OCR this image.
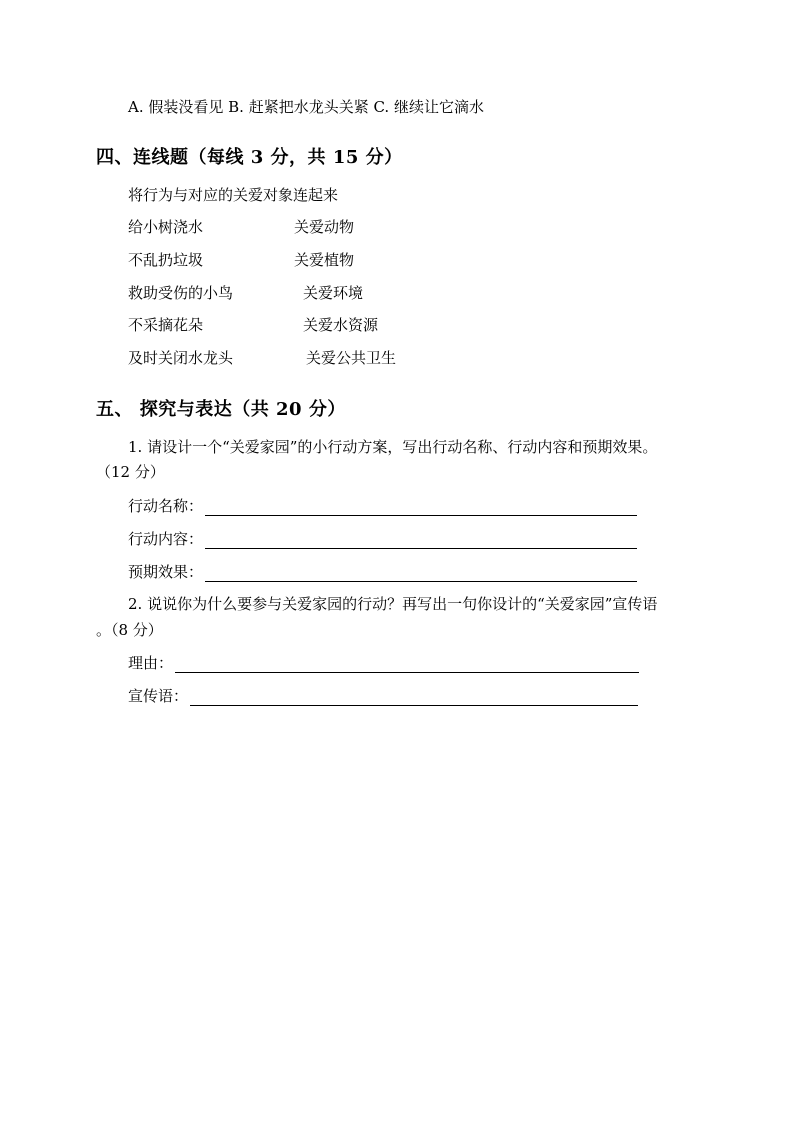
A. 假装没看见 B. 赶紧把水龙头关紧 C. 继续让它滴水
四、连线题（每线 3 分，共 15 分）
将行为与对应的关爱对象连起来
给小树浇水	关爱动物
不乱扔垃圾	关爱植物
救助受伤的小鸟	关爱环境
不采摘花朵	关爱水资源
及时关闭水龙头	关爱公共卫生
五、 探究与表达（共 20 分）
1. 请设计一个“关爱家园”的小行动方案，写出行动名称、行动内容和预期效果。
（12 分）
行动名称：
行动内容：
预期效果：
2. 说说你为什么要参与关爱家园的行动？再写出一句你设计的“关爱家园”宣传语
。（8 分）
理由：
宣传语：
